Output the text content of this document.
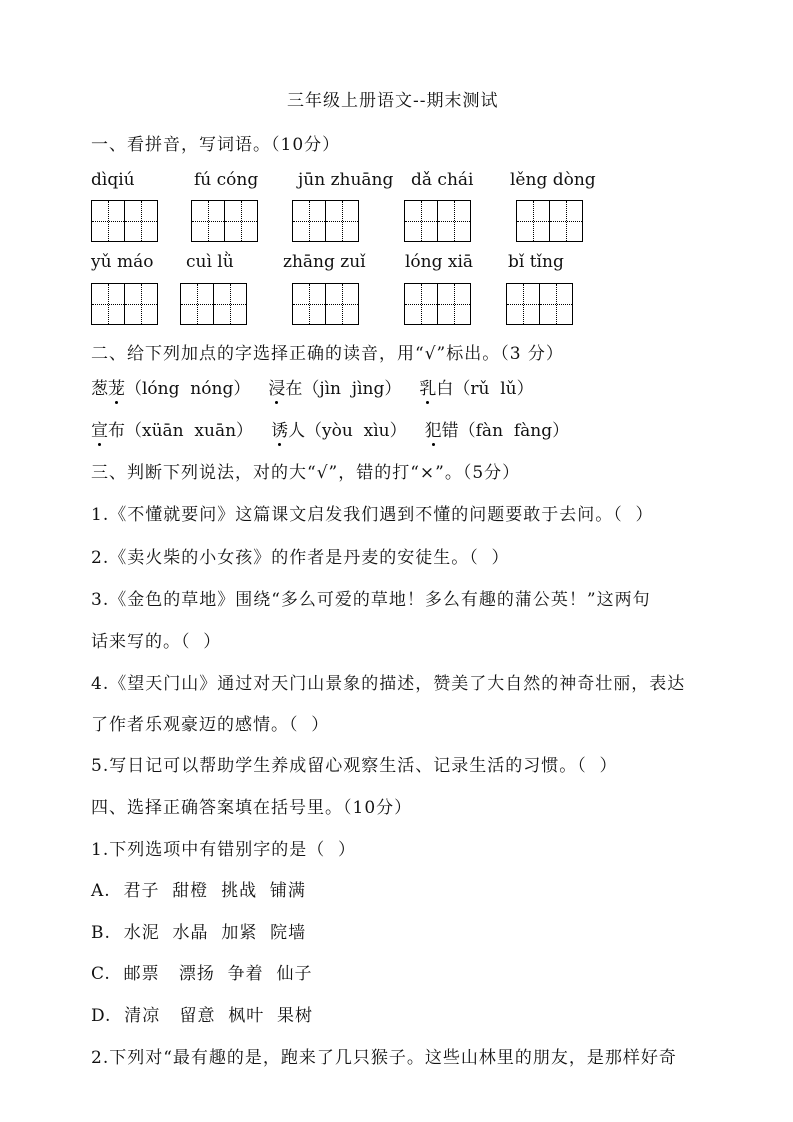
三年级上册语文--期末测试
一、看拼音，写词语。（10分）
dìqiú	fú cóng jūn zhuāng dǎ chái lěng dòng
yǔ máo cuì lǜ	zhāng zuǐ lóng xiā bǐ tǐng
二、给下列加点的字选择正确的读音，用“√”标出。（3 分）
葱茏（lóng  nóng） 浸在（jìn  jìng） 乳白（rǔ  lǔ）
宣布（xüān  xuān） 诱人（yòu  xìu） 犯错（fàn  fàng）
三、判断下列说法，对的大“√”，错的打“×”。（5分）
1.《不懂就要问》这篇课文启发我们遇到不懂的问题要敢于去问。（  ）
2.《卖火柴的小女孩》的作者是丹麦的安徒生。（  ）
3.《金色的草地》围绕“多么可爱的草地！多么有趣的蒲公英！”这两句
话来写的。（  ）
4.《望天门山》通过对天门山景象的描述，赞美了大自然的神奇壮丽，表达
了作者乐观豪迈的感情。（  ）
5.写日记可以帮助学生养成留心观察生活、记录生活的习惯。（  ）
四、选择正确答案填在括号里。（10分）
1.下列选项中有错别字的是（  ）
A.  君子  甜橙  挑战  铺满
B.  水泥  水晶  加紧  院墙
C.  邮票   漂扬  争着  仙子
D.  清凉   留意  枫叶  果树
2.下列对“最有趣的是，跑来了几只猴子。这些山林里的朋友，是那样好奇
